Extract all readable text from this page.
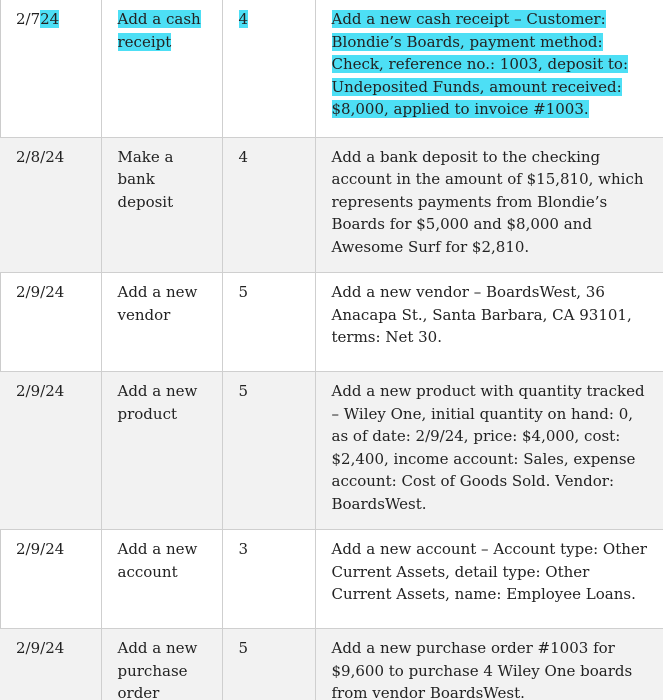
2/724	Add a cash receipt	4	Add a new cash receipt – Customer: Blondie’s Boards, payment method: Check, reference no.: 1003, deposit to: Undeposited Funds, amount received: $8,000, applied to invoice #1003.
2/8/24	Make a bank deposit	4	Add a bank deposit to the checking account in the amount of $15,810, which represents payments from Blondie’s Boards for $5,000 and $8,000 and Awesome Surf for $2,810.
2/9/24	Add a new vendor	5	Add a new vendor – BoardsWest, 36 Anacapa St., Santa Barbara, CA 93101, terms: Net 30.
2/9/24	Add a new product	5	Add a new product with quantity tracked – Wiley One, initial quantity on hand: 0, as of date: 2/9/24, price: $4,000, cost: $2,400, income account: Sales, expense account: Cost of Goods Sold. Vendor: BoardsWest.
2/9/24	Add a new account	3	Add a new account – Account type: Other Current Assets, detail type: Other Current Assets, name: Employee Loans.
2/9/24	Add a new purchase order	5	Add a new purchase order #1003 for $9,600 to purchase 4 Wiley One boards from vendor BoardsWest.
